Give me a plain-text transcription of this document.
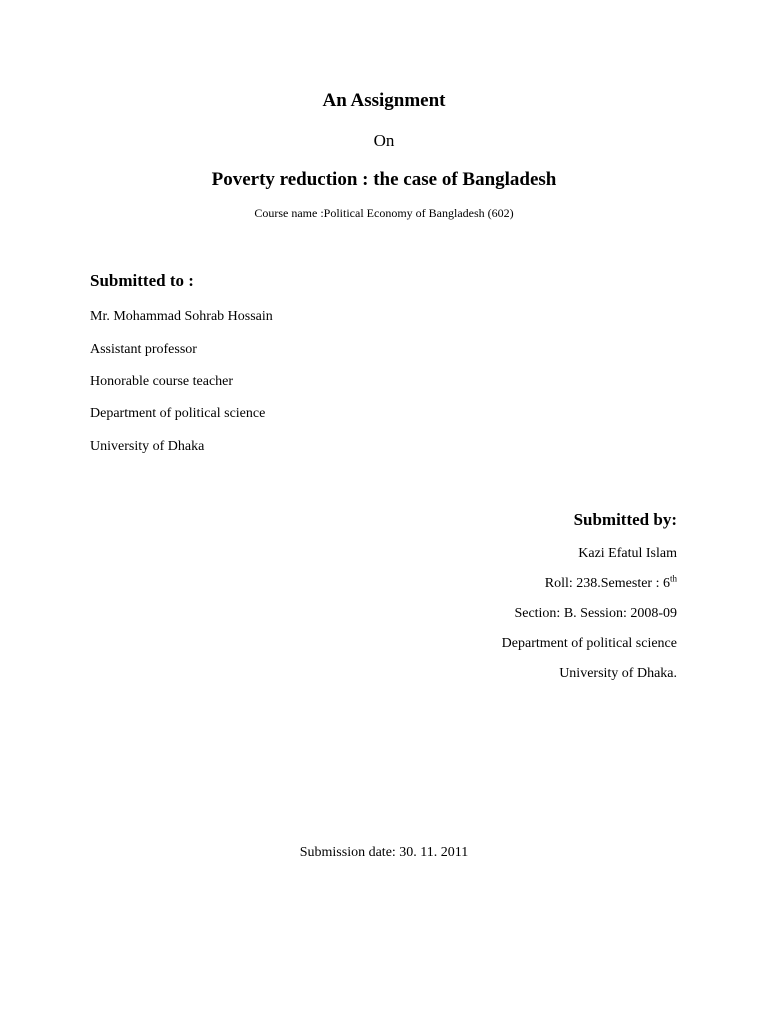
An Assignment
On
Poverty reduction : the case of Bangladesh
Course name :Political Economy of Bangladesh (602)
Submitted to :
Mr. Mohammad Sohrab Hossain
Assistant professor
Honorable course teacher
Department of political science
University of Dhaka
Submitted by:
Kazi Efatul Islam
Roll: 238.Semester : 6th
Section: B. Session: 2008-09
Department of political science
University of Dhaka.
Submission date: 30. 11. 2011
